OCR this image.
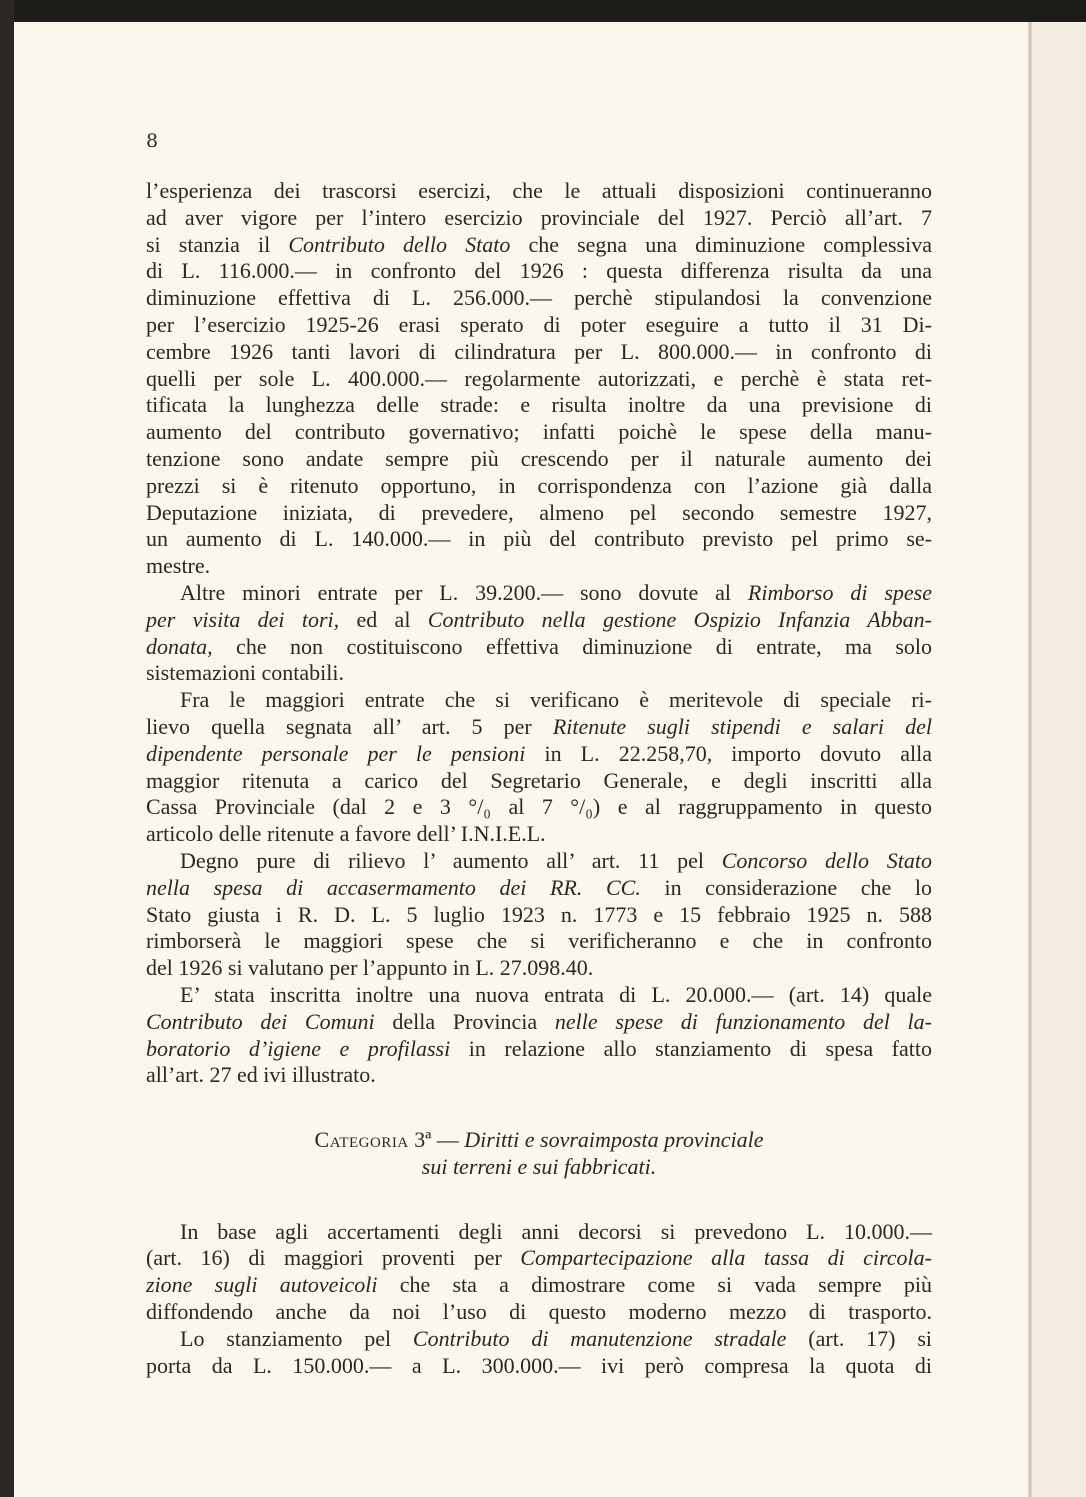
8
l’esperienza dei trascorsi esercizi, che le attuali disposizioni continueranno
ad aver vigore per l’intero esercizio provinciale del 1927. Perciò all’art. 7
si stanzia il Contributo dello Stato che segna una diminuzione complessiva
di L. 116.000.— in confronto del 1926 : questa differenza risulta da una
diminuzione effettiva di L. 256.000.— perchè stipulandosi la convenzione
per l’esercizio 1925-26 erasi sperato di poter eseguire a tutto il 31 Di-
cembre 1926 tanti lavori di cilindratura per L. 800.000.— in confronto di
quelli per sole L. 400.000.— regolarmente autorizzati, e perchè è stata ret-
tificata la lunghezza delle strade: e risulta inoltre da una previsione di
aumento del contributo governativo; infatti poichè le spese della manu-
tenzione sono andate sempre più crescendo per il naturale aumento dei
prezzi si è ritenuto opportuno, in corrispondenza con l’azione già dalla
Deputazione iniziata, di prevedere, almeno pel secondo semestre 1927,
un aumento di L. 140.000.— in più del contributo previsto pel primo se-
mestre.
Altre minori entrate per L. 39.200.— sono dovute al Rimborso di spese
per visita dei tori, ed al Contributo nella gestione Ospizio Infanzia Abban-
donata, che non costituiscono effettiva diminuzione di entrate, ma solo
sistemazioni contabili.
Fra le maggiori entrate che si verificano è meritevole di speciale ri-
lievo quella segnata all’ art. 5 per Ritenute sugli stipendi e salari del
dipendente personale per le pensioni in L. 22.258,70, importo dovuto alla
maggior ritenuta a carico del Segretario Generale, e degli inscritti alla
Cassa Provinciale (dal 2 e 3 °/₀ al 7 °/₀) e al raggruppamento in questo
articolo delle ritenute a favore dell’ I.N.I.E.L.
Degno pure di rilievo l’ aumento all’ art. 11 pel Concorso dello Stato
nella spesa di accasermamento dei RR. CC. in considerazione che lo
Stato giusta i R. D. L. 5 luglio 1923 n. 1773 e 15 febbraio 1925 n. 588
rimborserà le maggiori spese che si verificheranno e che in confronto
del 1926 si valutano per l’appunto in L. 27.098.40.
E’ stata inscritta inoltre una nuova entrata di L. 20.000.— (art. 14) quale
Contributo dei Comuni della Provincia nelle spese di funzionamento del la-
boratorio d’igiene e profilassi in relazione allo stanziamento di spesa fatto
all’art. 27 ed ivi illustrato.
Categoria 3ª — Diritti e sovraimposta provinciale
sui terreni e sui fabbricati.
In base agli accertamenti degli anni decorsi si prevedono L. 10.000.—
(art. 16) di maggiori proventi per Compartecipazione alla tassa di circola-
zione sugli autoveicoli che sta a dimostrare come si vada sempre più
diffondendo anche da noi l’uso di questo moderno mezzo di trasporto.
Lo stanziamento pel Contributo di manutenzione stradale (art. 17) si
porta da L. 150.000.— a L. 300.000.— ivi però compresa la quota di
